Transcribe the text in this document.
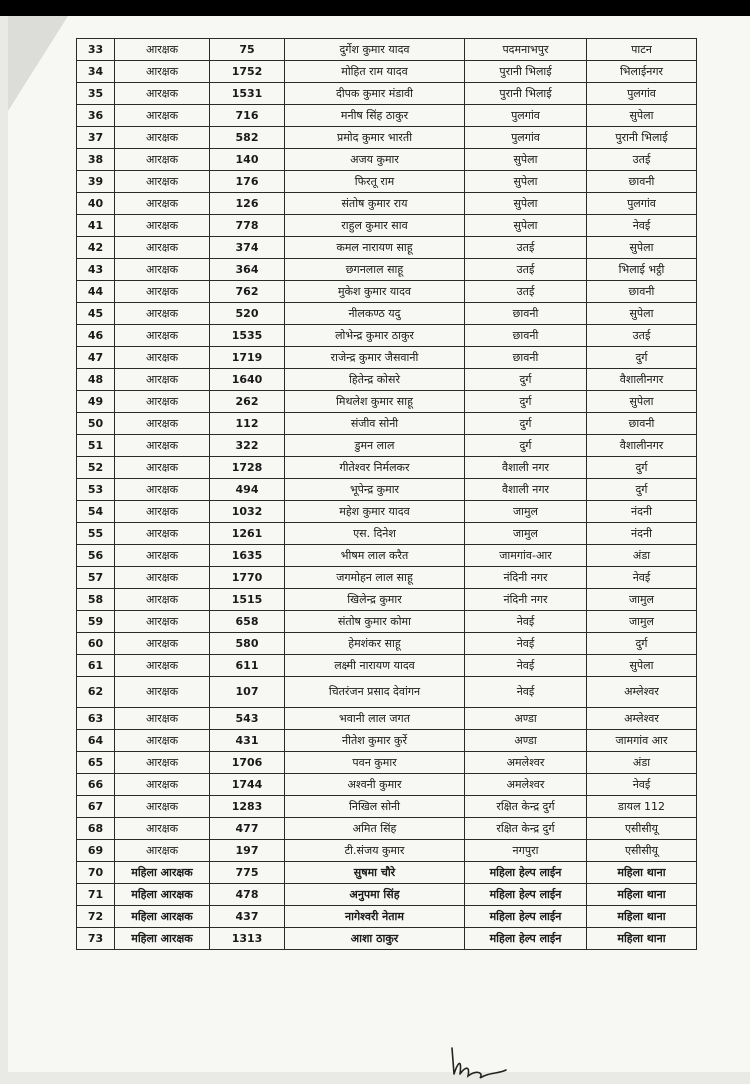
33	आरक्षक	75	दुर्गेश कुमार यादव	पदमनाभपुर	पाटन
34	आरक्षक	1752	मोहित राम यादव	पुरानी भिलाई	भिलाईनगर
35	आरक्षक	1531	दीपक कुमार मंडावी	पुरानी भिलाई	पुलगांव
36	आरक्षक	716	मनीष सिंह ठाकुर	पुलगांव	सुपेला
37	आरक्षक	582	प्रमोद कुमार भारती	पुलगांव	पुरानी भिलाई
38	आरक्षक	140	अजय कुमार	सुपेला	उतई
39	आरक्षक	176	फिरतू राम	सुपेला	छावनी
40	आरक्षक	126	संतोष कुमार राय	सुपेला	पुलगांव
41	आरक्षक	778	राहुल कुमार साव	सुपेला	नेवई
42	आरक्षक	374	कमल नारायण साहू	उतई	सुपेला
43	आरक्षक	364	छगनलाल साहू	उतई	भिलाई भट्ठी
44	आरक्षक	762	मुकेश कुमार यादव	उतई	छावनी
45	आरक्षक	520	नीलकण्ठ यदु	छावनी	सुपेला
46	आरक्षक	1535	लोभेन्द्र कुमार ठाकुर	छावनी	उतई
47	आरक्षक	1719	राजेन्द्र कुमार जैसवानी	छावनी	दुर्ग
48	आरक्षक	1640	हितेन्द्र कोसरे	दुर्ग	वैशालीनगर
49	आरक्षक	262	मिथलेश कुमार साहू	दुर्ग	सुपेला
50	आरक्षक	112	संजीव सोनी	दुर्ग	छावनी
51	आरक्षक	322	डुमन लाल	दुर्ग	वैशालीनगर
52	आरक्षक	1728	गीतेश्वर निर्मलकर	वैशाली नगर	दुर्ग
53	आरक्षक	494	भूपेन्द्र कुमार	वैशाली नगर	दुर्ग
54	आरक्षक	1032	महेश कुमार यादव	जामुल	नंदनी
55	आरक्षक	1261	एस. दिनेश	जामुल	नंदनी
56	आरक्षक	1635	भीषम लाल करैत	जामगांव-आर	अंडा
57	आरक्षक	1770	जगमोहन लाल साहू	नंदिनी नगर	नेवई
58	आरक्षक	1515	खिलेन्द्र कुमार	नंदिनी नगर	जामुल
59	आरक्षक	658	संतोष कुमार कोमा	नेवई	जामुल
60	आरक्षक	580	हेमशंकर साहू	नेवई	दुर्ग
61	आरक्षक	611	लक्ष्मी नारायण यादव	नेवई	सुपेला
62	आरक्षक	107	चितरंजन प्रसाद देवांगन	नेवई	अम्लेश्वर
63	आरक्षक	543	भवानी लाल जगत	अण्डा	अम्लेश्वर
64	आरक्षक	431	नीतेश कुमार कुर्रे	अण्डा	जामगांव आर
65	आरक्षक	1706	पवन कुमार	अमलेश्वर	अंडा
66	आरक्षक	1744	अश्वनी कुमार	अमलेश्वर	नेवई
67	आरक्षक	1283	निखिल सोनी	रक्षित केन्द्र दुर्ग	डायल 112
68	आरक्षक	477	अमित सिंह	रक्षित केन्द्र दुर्ग	एसीसीयू
69	आरक्षक	197	टी.संजय कुमार	नगपुरा	एसीसीयू
70	महिला आरक्षक	775	सुषमा चौरे	महिला हेल्प लाईन	महिला थाना
71	महिला आरक्षक	478	अनुपमा सिंह	महिला हेल्प लाईन	महिला थाना
72	महिला आरक्षक	437	नागेश्वरी नेताम	महिला हेल्प लाईन	महिला थाना
73	महिला आरक्षक	1313	आशा ठाकुर	महिला हेल्प लाईन	महिला थाना
